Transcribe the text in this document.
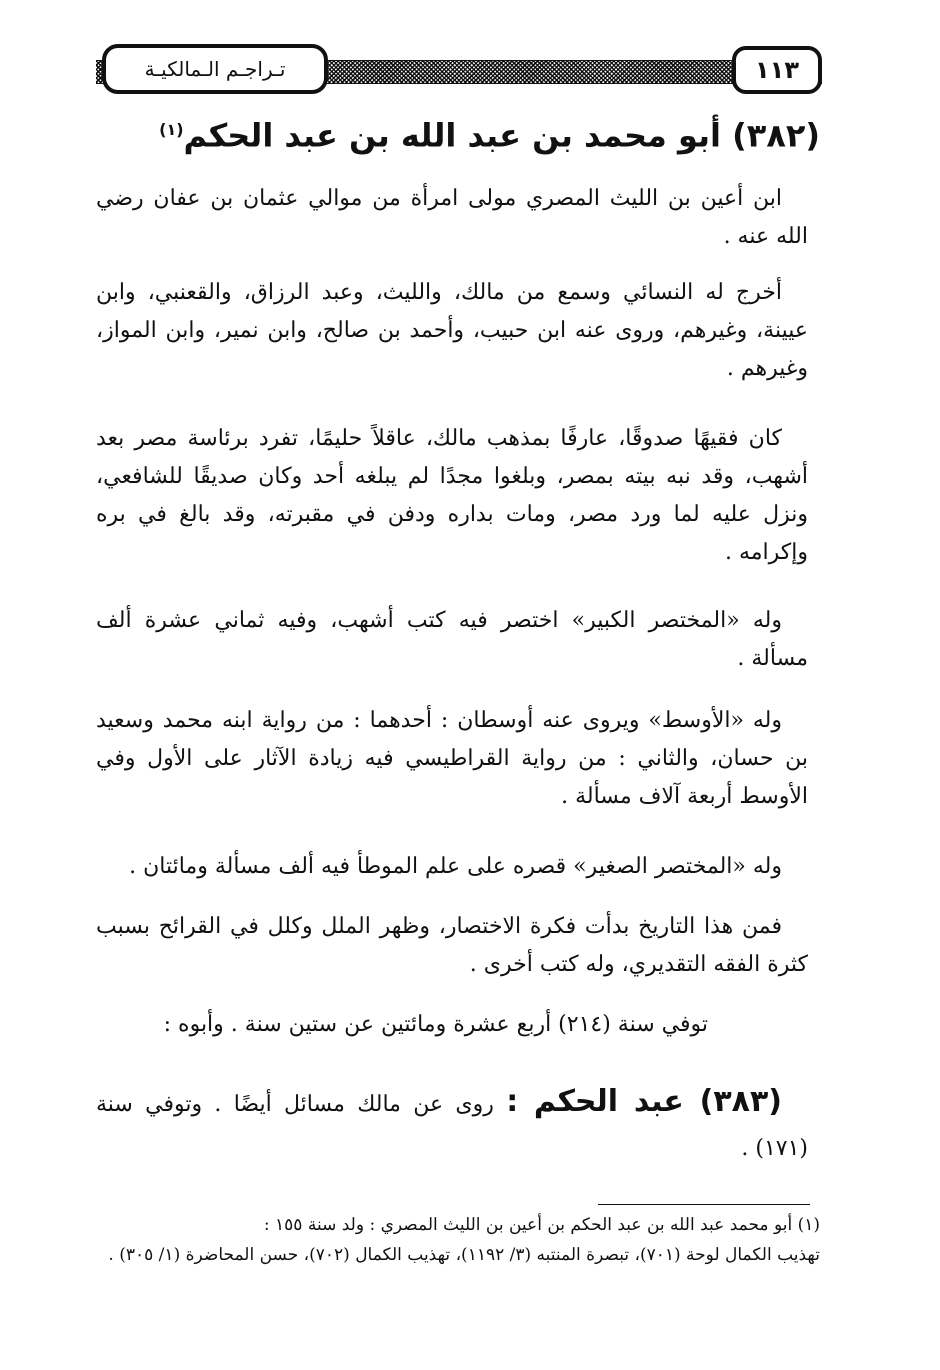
تـراجـم الـمالكيـة	١١٣
(٣٨٢) أبو محمد بن عبد الله بن عبد الحكم$^{(١)}$

ابن أعين بن الليث المصري مولى امرأة من موالي عثمان بن عفان رضي الله عنه .

أخرج له النسائي وسمع من مالك، والليث، وعبد الرزاق، والقعنبي، وابن عيينة، وغيرهم، وروى عنه ابن حبيب، وأحمد بن صالح، وابن نمير، وابن المواز، وغيرهم .

كان فقيهًا صدوقًا، عارفًا بمذهب مالك، عاقلاً حليمًا، تفرد برئاسة مصر بعد أشهب، وقد نبه بيته بمصر، وبلغوا مجدًا لم يبلغه أحد وكان صديقًا للشافعي، ونزل عليه لما ورد مصر، ومات بداره ودفن في مقبرته، وقد بالغ في بره وإكرامه .

وله «المختصر الكبير» اختصر فيه كتب أشهب، وفيه ثماني عشرة ألف مسألة .

وله «الأوسط» ويروى عنه أوسطان : أحدهما : من رواية ابنه محمد وسعيد بن حسان، والثاني : من رواية القراطيسي فيه زيادة الآثار على الأول وفي الأوسط أربعة آلاف مسألة .

وله «المختصر الصغير» قصره على علم الموطأ فيه ألف مسألة ومائتان .

فمن هذا التاريخ بدأت فكرة الاختصار، وظهر الملل وكلل في القرائح بسبب كثرة الفقه التقديري، وله كتب أخرى .

توفي سنة (٢١٤) أربع عشرة ومائتين عن ستين سنة . وأبوه :

(٣٨٣) عبد الحكم : روى عن مالك مسائل أيضًا . وتوفي سنة (١٧١) .

(١) أبو محمد عبد الله بن عبد الحكم بن أعين بن الليث المصري : ولد سنة ١٥٥ :
تهذيب الكمال لوحة (٧٠١)، تبصرة المنتبه (٣/ ١١٩٢)، تهذيب الكمال (٧٠٢)، حسن المحاضرة (١/ ٣٠٥) .
